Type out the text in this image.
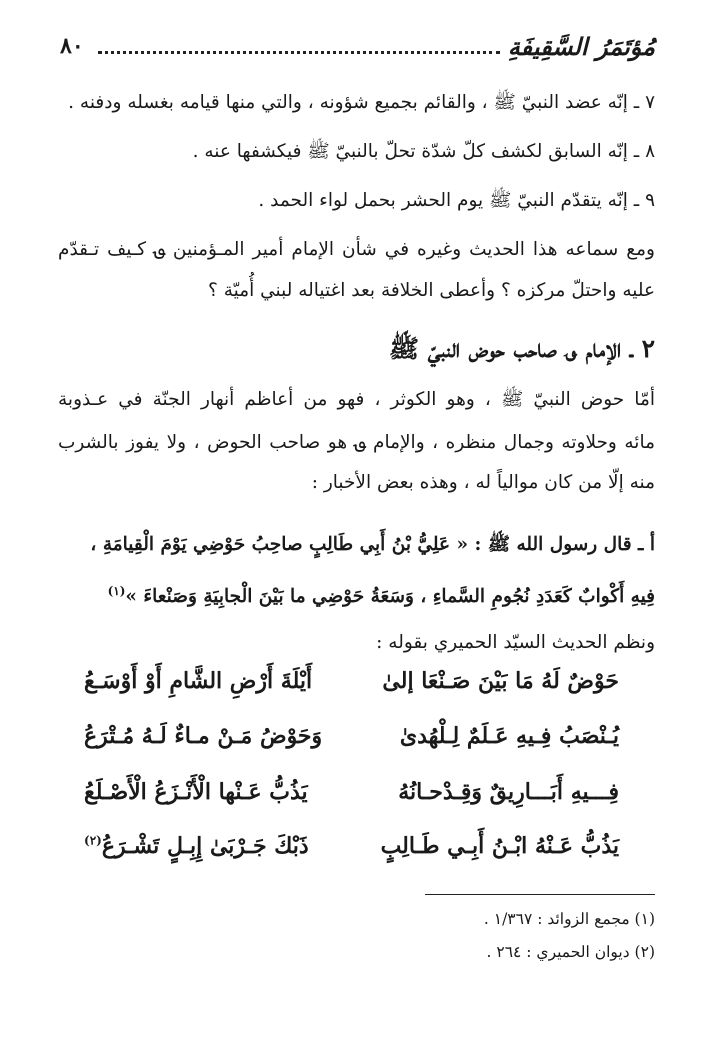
٨٠	مُؤتَمَرُ السَّقِيفَةِ
٧ ـ إنّه عضد النبيّ ﷺ ، والقائم بجميع شؤونه ، والتي منها قيامه بغسله ودفنه .
٨ ـ إنّه السابق لكشف كلّ شدّة تحلّ بالنبيّ ﷺ فيكشفها عنه .
٩ ـ إنّه يتقدّم النبيّ ﷺ يوم الحشر بحمل لواء الحمد .
ومع سماعه هذا الحديث وغيره في شأن الإمام أمير المـؤمنين ؈ كـيف تـقدّم
عليه واحتلّ مركزه ؟ وأعطى الخلافة بعد اغتياله لبني أُميّة ؟
٢ ـ الإمام ؈ صاحب حوض النبيّ ﷺ
أمّا حوض النبيّ ﷺ ، وهو الكوثر ، فهو من أعاظم أنهار الجنّة في عـذوبة
مائه وحلاوته وجمال منظره ، والإمام ؈ هو صاحب الحوض ، ولا يفوز بالشرب
منه إلّا من كان موالياً له ، وهذه بعض الأخبار :
أ ـ قال رسول الله ﷺ : « عَلِيُّ بْنُ أَبِي طَالِبٍ صاحِبُ حَوْضِي يَوْمَ الْقِيامَةِ ،
فِيهِ أَكْوابٌ كَعَدَدِ نُجُومِ السَّماءِ ، وَسَعَةُ حَوْضِي ما بَيْنَ الْجابِيَةِ وَصَنْعاءَ »$^{(١)}$
ونظم الحديث السيّد الحميري بقوله :
حَوْضٌ لَهُ مَا بَيْنَ صَـنْعَا إلىٰ
أَيْلَةَ أَرْضِ الشَّامِ أَوْ أَوْسَـعُ
يُـنْصَبُ فِـيهِ عَـلَمٌ لِـلْهُدىٰ
وَحَوْضُ مَـنْ مـاءٌ لَـهُ مُـتْرَعُ
فِـــيهِ أَبَـــارِيقٌ وَقِـدْحـانُهُ
يَذُبُّ عَـنْها الْأَنْـزَعُ الْأَصْـلَعُ
يَذُبُّ عَـنْهُ ابْـنُ أَبِـي طَـالِبٍ
ذَبْكَ جَـرْبَىٰ إِبِـلٍ تَشْـرَعُ$^{(٢)}$
(١) مجمع الزوائد : ١/٣٦٧ .
(٢) ديوان الحميري : ٢٦٤ .
